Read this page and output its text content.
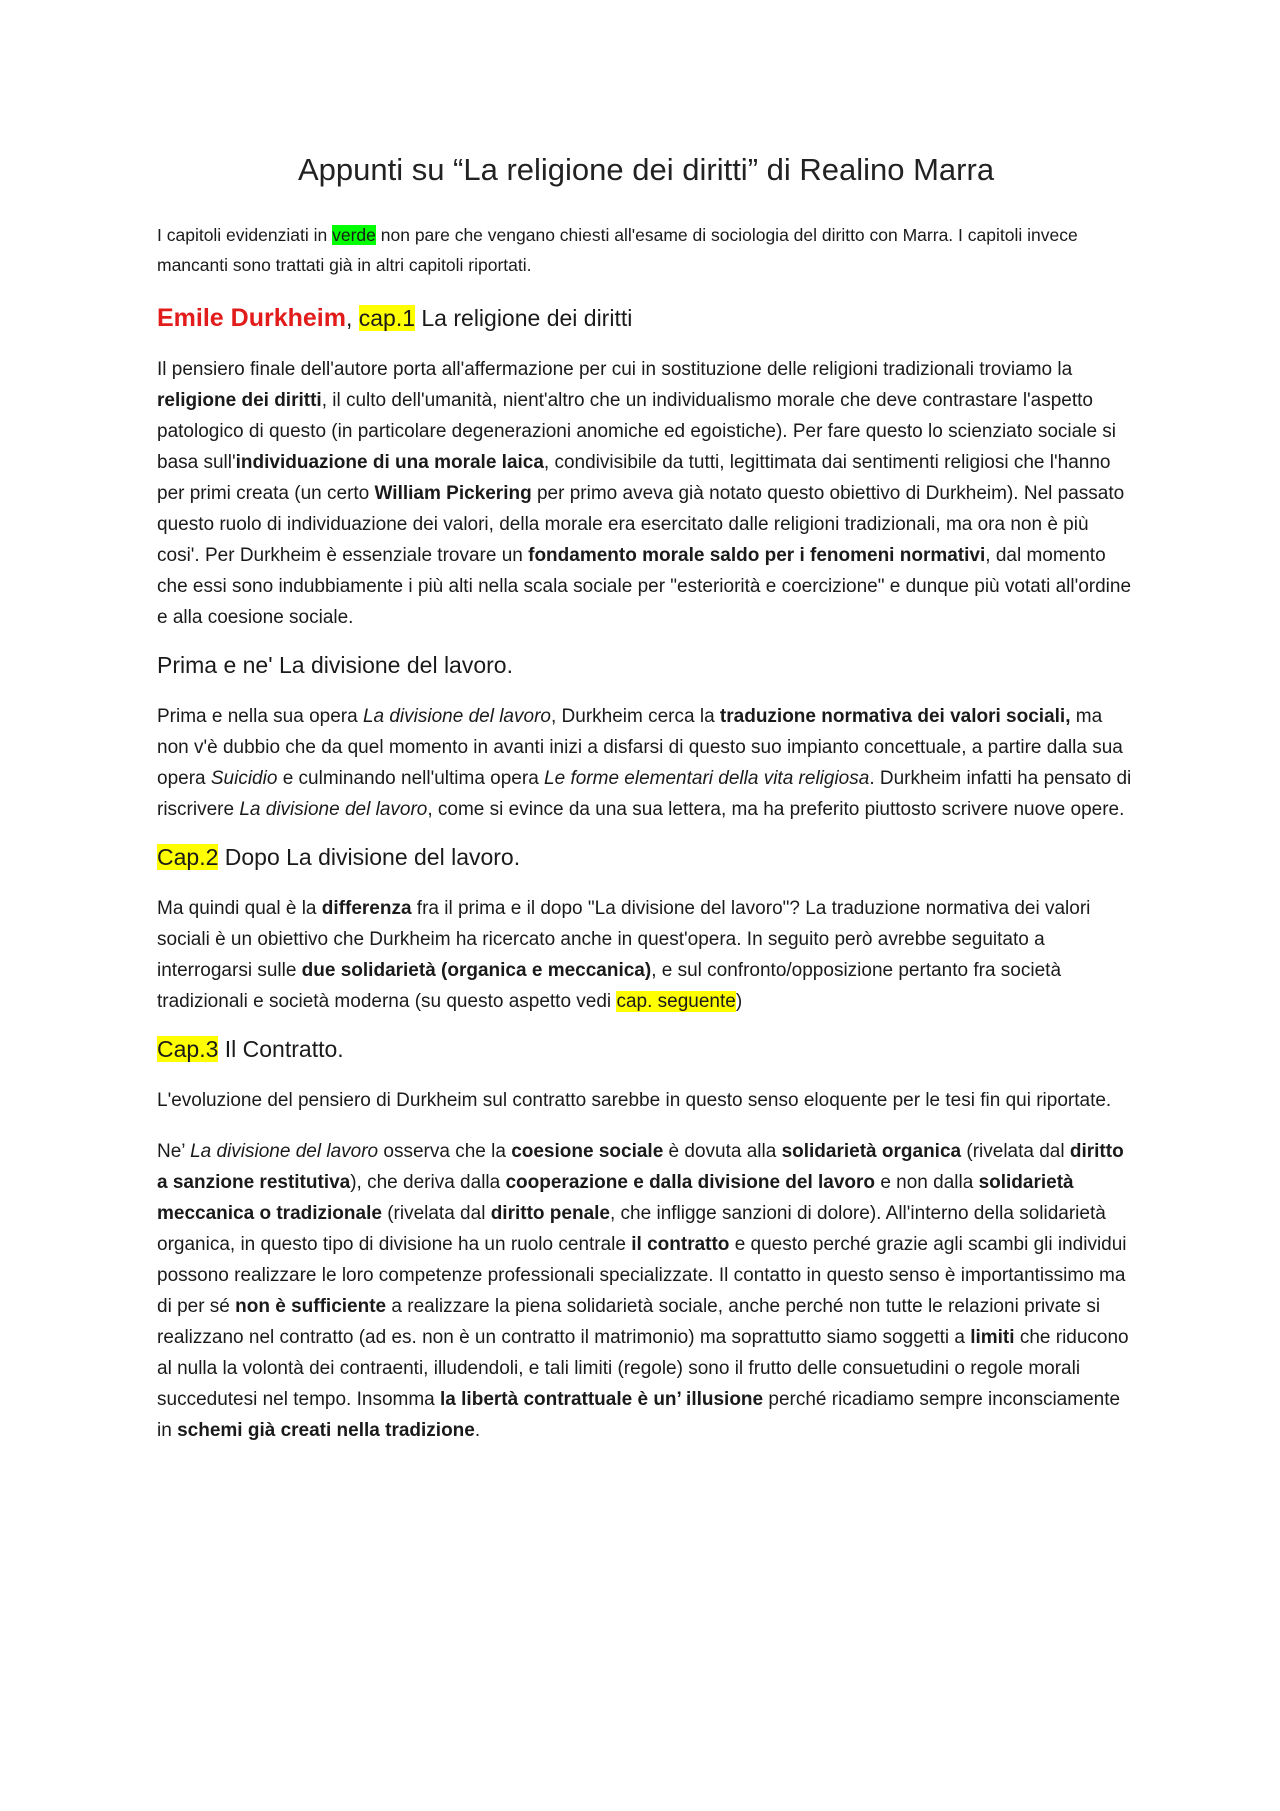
Appunti su “La religione dei diritti” di Realino Marra

I capitoli evidenziati in verde non pare che vengano chiesti all'esame di sociologia del diritto con Marra. I capitoli invece mancanti sono trattati già in altri capitoli riportati.

Emile Durkheim, cap.1 La religione dei diritti

Il pensiero finale dell'autore porta all'affermazione per cui in sostituzione delle religioni tradizionali troviamo la religione dei diritti, il culto dell'umanità, nient'altro che un individualismo morale che deve contrastare l'aspetto patologico di questo (in particolare degenerazioni anomiche ed egoistiche). Per fare questo lo scienziato sociale si basa sull'individuazione di una morale laica, condivisibile da tutti, legittimata dai sentimenti religiosi che l'hanno per primi creata (un certo William Pickering per primo aveva già notato questo obiettivo di Durkheim). Nel passato questo ruolo di individuazione dei valori, della morale era esercitato dalle religioni tradizionali, ma ora non è più cosi'. Per Durkheim è essenziale trovare un fondamento morale saldo per i fenomeni normativi, dal momento che essi sono indubbiamente i più alti nella scala sociale per "esteriorità e coercizione" e dunque più votati all'ordine e alla coesione sociale.

Prima e ne' La divisione del lavoro.

Prima e nella sua opera La divisione del lavoro, Durkheim cerca la traduzione normativa dei valori sociali, ma non v'è dubbio che da quel momento in avanti inizi a disfarsi di questo suo impianto concettuale, a partire dalla sua opera Suicidio e culminando nell'ultima opera Le forme elementari della vita religiosa. Durkheim infatti ha pensato di riscrivere La divisione del lavoro, come si evince da una sua lettera, ma ha preferito piuttosto scrivere nuove opere.

Cap.2 Dopo La divisione del lavoro.

Ma quindi qual è la differenza fra il prima e il dopo "La divisione del lavoro"? La traduzione normativa dei valori sociali è un obiettivo che Durkheim ha ricercato anche in quest'opera. In seguito però avrebbe seguitato a interrogarsi sulle due solidarietà (organica e meccanica), e sul confronto/opposizione pertanto fra società tradizionali e società moderna (su questo aspetto vedi cap. seguente)

Cap.3 Il Contratto.

L'evoluzione del pensiero di Durkheim sul contratto sarebbe in questo senso eloquente per le tesi fin qui riportate.

Ne’ La divisione del lavoro osserva che la coesione sociale è dovuta alla solidarietà organica (rivelata dal diritto a sanzione restitutiva), che deriva dalla cooperazione e dalla divisione del lavoro e non dalla solidarietà meccanica o tradizionale (rivelata dal diritto penale, che infligge sanzioni di dolore). All'interno della solidarietà organica, in questo tipo di divisione ha un ruolo centrale il contratto e questo perché grazie agli scambi gli individui possono realizzare le loro competenze professionali specializzate. Il contatto in questo senso è importantissimo ma di per sé non è sufficiente a realizzare la piena solidarietà sociale, anche perché non tutte le relazioni private si realizzano nel contratto (ad es. non è un contratto il matrimonio) ma soprattutto siamo soggetti a limiti che riducono al nulla la volontà dei contraenti, illudendoli, e tali limiti (regole) sono il frutto delle consuetudini o regole morali succedutesi nel tempo. Insomma la libertà contrattuale è un’ illusione perché ricadiamo sempre inconsciamente in schemi già creati nella tradizione.
